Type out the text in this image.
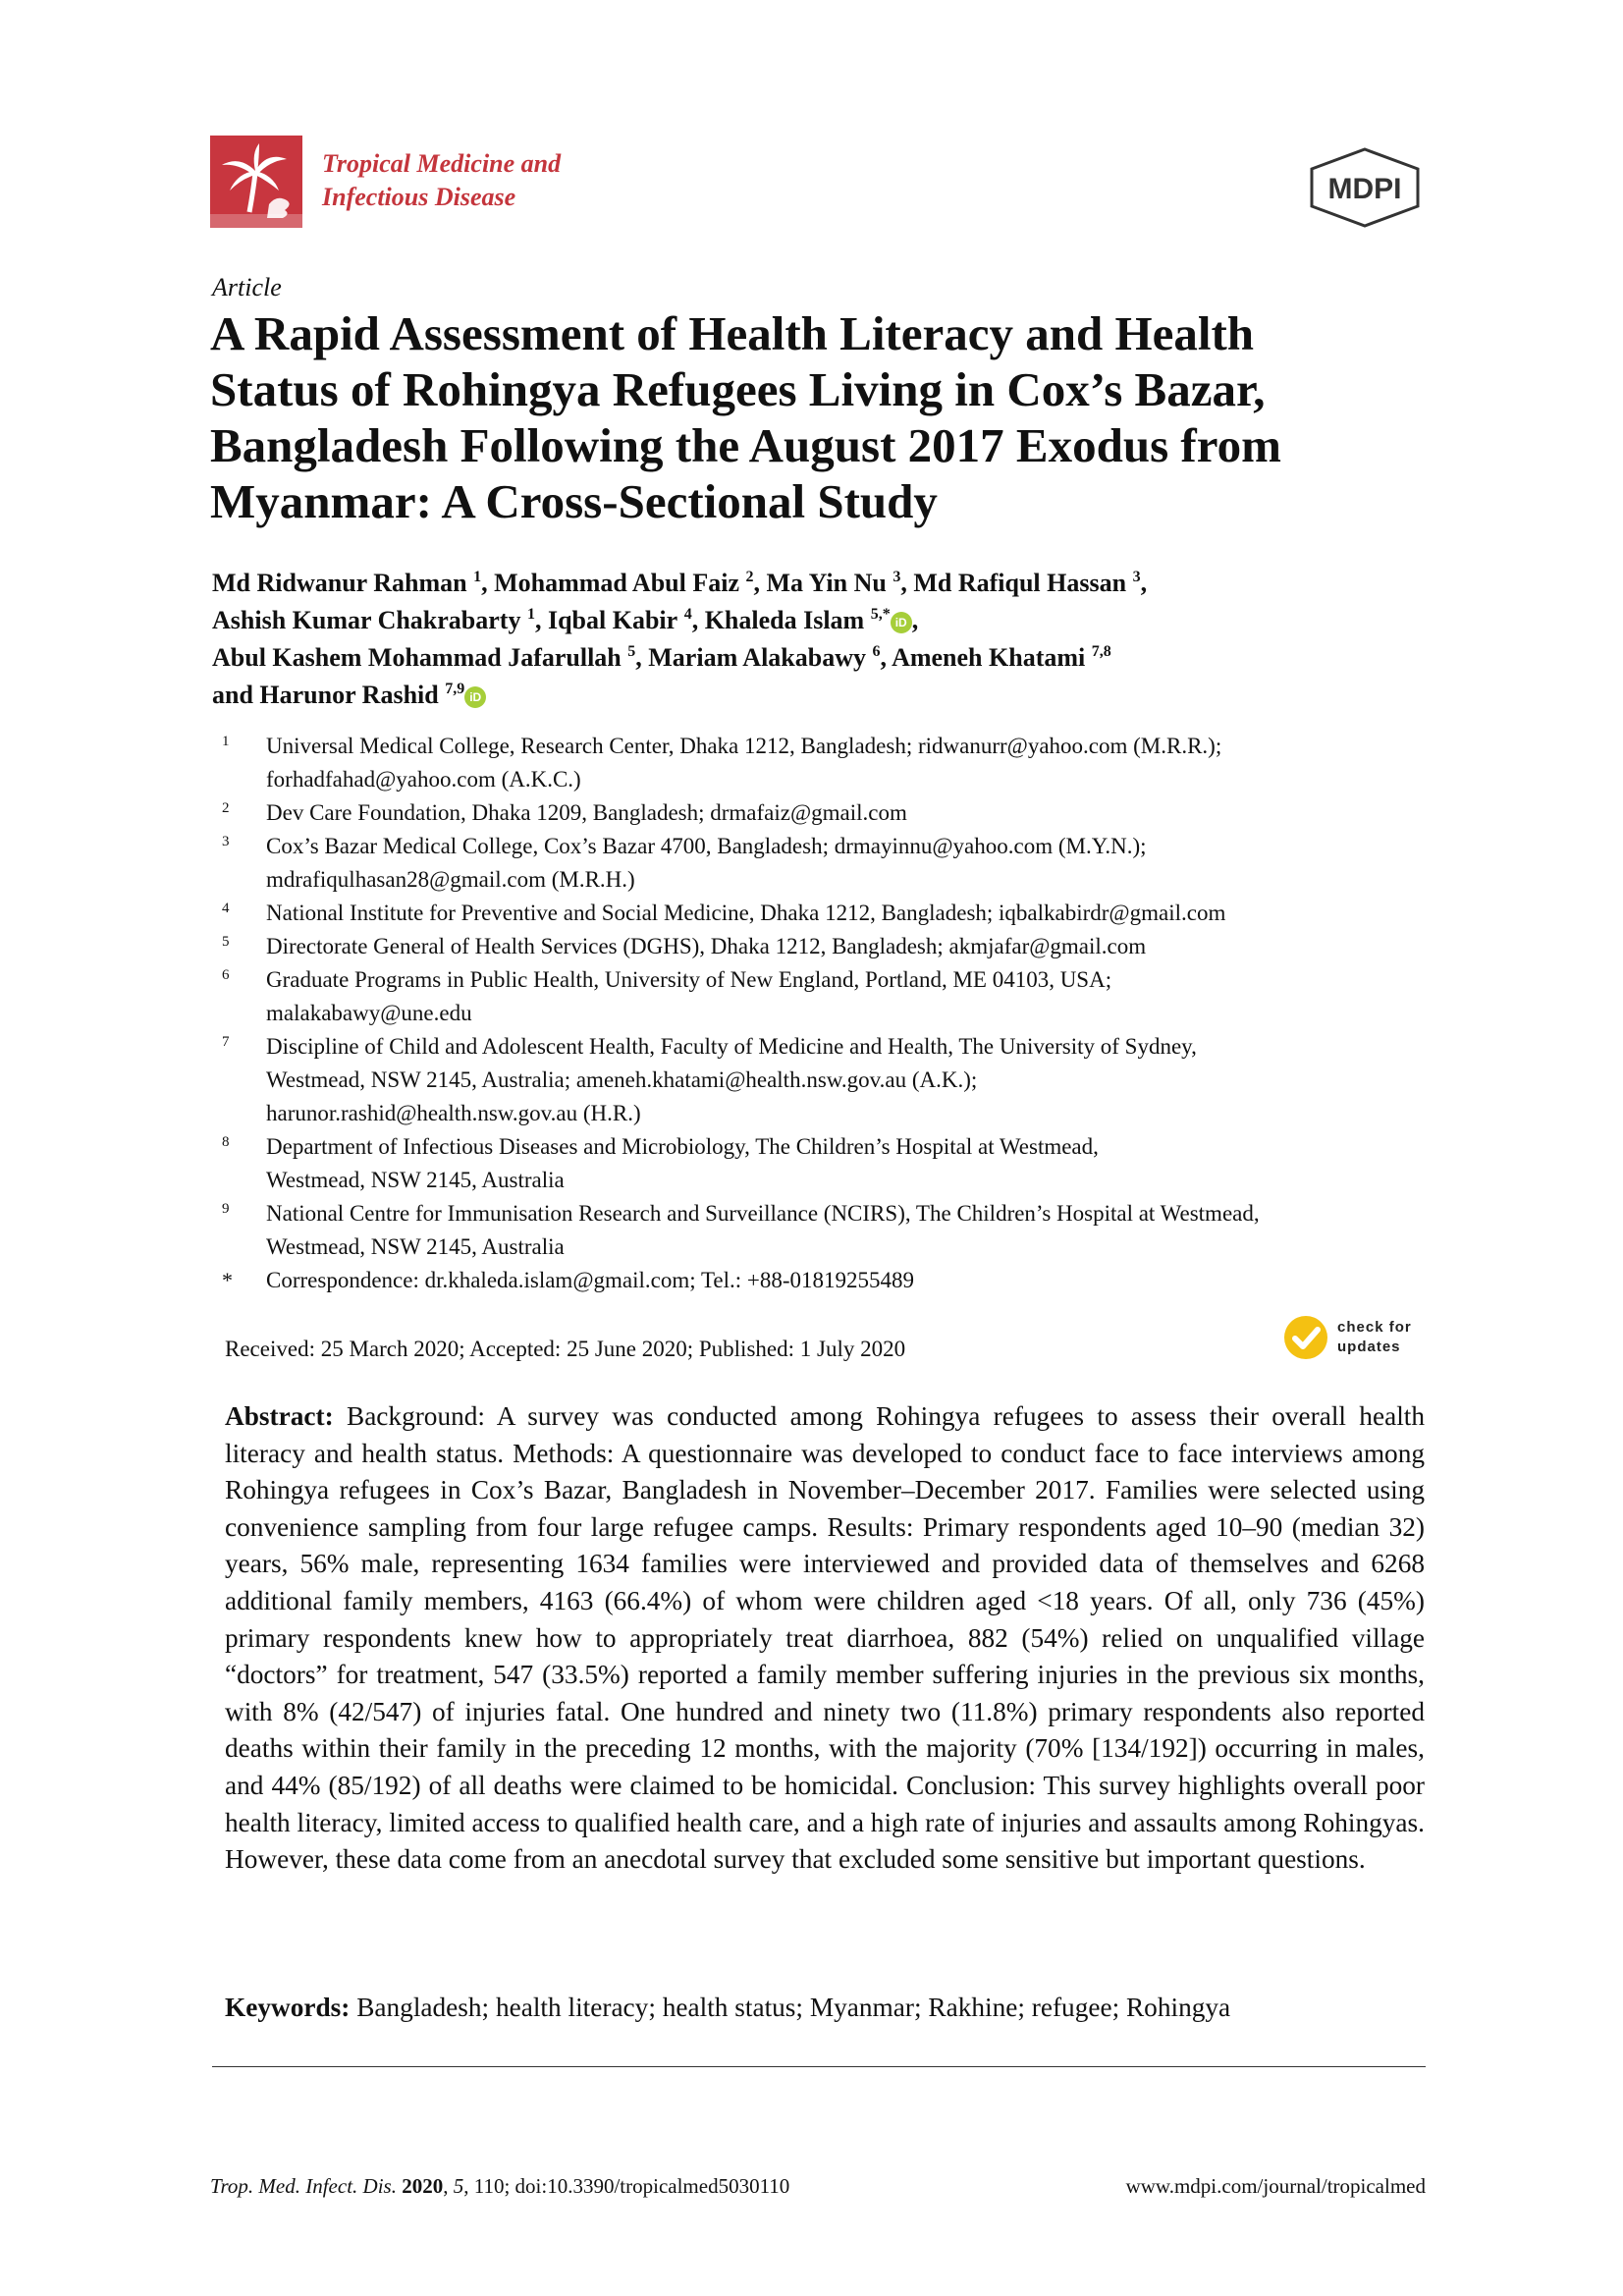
Tropical Medicine and
Infectious Disease	MDPI
Article
A Rapid Assessment of Health Literacy and Health
Status of Rohingya Refugees Living in Cox’s Bazar,
Bangladesh Following the August 2017 Exodus from
Myanmar: A Cross-Sectional Study
Md Ridwanur Rahman $^1$, Mohammad Abul Faiz $^2$, Ma Yin Nu $^3$, Md Rafiqul Hassan $^3$,
Ashish Kumar Chakrabarty $^1$, Iqbal Kabir $^4$, Khaleda Islam $^{5,*}$ iD ,
Abul Kashem Mohammad Jafarullah $^5$, Mariam Alakabawy $^6$, Ameneh Khatami $^{7,8}$
and Harunor Rashid $^{7,9}$ iD
1	Universal Medical College, Research Center, Dhaka 1212, Bangladesh; ridwanurr@yahoo.com (M.R.R.);
forhadfahad@yahoo.com (A.K.C.)
2	Dev Care Foundation, Dhaka 1209, Bangladesh; drmafaiz@gmail.com
3	Cox’s Bazar Medical College, Cox’s Bazar 4700, Bangladesh; drmayinnu@yahoo.com (M.Y.N.);
mdrafiqulhasan28@gmail.com (M.R.H.)
4	National Institute for Preventive and Social Medicine, Dhaka 1212, Bangladesh; iqbalkabirdr@gmail.com
5	Directorate General of Health Services (DGHS), Dhaka 1212, Bangladesh; akmjafar@gmail.com
6	Graduate Programs in Public Health, University of New England, Portland, ME 04103, USA;
malakabawy@une.edu
7	Discipline of Child and Adolescent Health, Faculty of Medicine and Health, The University of Sydney,
Westmead, NSW 2145, Australia; ameneh.khatami@health.nsw.gov.au (A.K.);
harunor.rashid@health.nsw.gov.au (H.R.)
8	Department of Infectious Diseases and Microbiology, The Children’s Hospital at Westmead,
Westmead, NSW 2145, Australia
9	National Centre for Immunisation Research and Surveillance (NCIRS), The Children’s Hospital at Westmead,
Westmead, NSW 2145, Australia
*	Correspondence: dr.khaleda.islam@gmail.com; Tel.: +88-01819255489
Received: 25 March 2020; Accepted: 25 June 2020; Published: 1 July 2020
check for
updates
Abstract: Background: A survey was conducted among Rohingya refugees to assess their overall health literacy and health status. Methods: A questionnaire was developed to conduct face to face interviews among Rohingya refugees in Cox’s Bazar, Bangladesh in November–December 2017. Families were selected using convenience sampling from four large refugee camps. Results: Primary respondents aged 10–90 (median 32) years, 56% male, representing 1634 families were interviewed and provided data of themselves and 6268 additional family members, 4163 (66.4%) of whom were children aged <18 years. Of all, only 736 (45%) primary respondents knew how to appropriately treat diarrhoea, 882 (54%) relied on unqualified village “doctors” for treatment, 547 (33.5%) reported a family member suffering injuries in the previous six months, with 8% (42/547) of injuries fatal. One hundred and ninety two (11.8%) primary respondents also reported deaths within their family in the preceding 12 months, with the majority (70% [134/192]) occurring in males, and 44% (85/192) of all deaths were claimed to be homicidal. Conclusion: This survey highlights overall poor health literacy, limited access to qualified health care, and a high rate of injuries and assaults among Rohingyas. However, these data come from an anecdotal survey that excluded some sensitive but important questions.
Keywords: Bangladesh; health literacy; health status; Myanmar; Rakhine; refugee; Rohingya
Trop. Med. Infect. Dis. 2020, 5, 110; doi:10.3390/tropicalmed5030110	www.mdpi.com/journal/tropicalmed
